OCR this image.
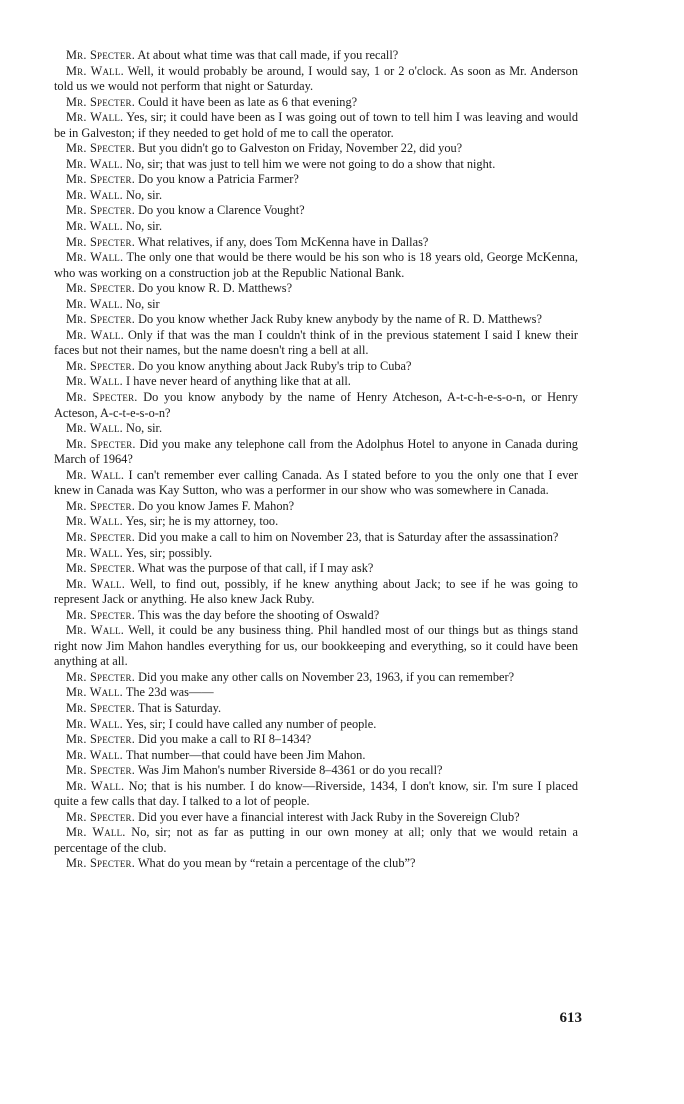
Mr. Specter. At about what time was that call made, if you recall?

Mr. Wall. Well, it would probably be around, I would say, 1 or 2 o'clock. As soon as Mr. Anderson told us we would not perform that night or Saturday.

Mr. Specter. Could it have been as late as 6 that evening?

Mr. Wall. Yes, sir; it could have been as I was going out of town to tell him I was leaving and would be in Galveston; if they needed to get hold of me to call the operator.

Mr. Specter. But you didn't go to Galveston on Friday, November 22, did you?

Mr. Wall. No, sir; that was just to tell him we were not going to do a show that night.

Mr. Specter. Do you know a Patricia Farmer?

Mr. Wall. No, sir.

Mr. Specter. Do you know a Clarence Vought?

Mr. Wall. No, sir.

Mr. Specter. What relatives, if any, does Tom McKenna have in Dallas?

Mr. Wall. The only one that would be there would be his son who is 18 years old, George McKenna, who was working on a construction job at the Republic National Bank.

Mr. Specter. Do you know R. D. Matthews?

Mr. Wall. No, sir

Mr. Specter. Do you know whether Jack Ruby knew anybody by the name of R. D. Matthews?

Mr. Wall. Only if that was the man I couldn't think of in the previous statement I said I knew their faces but not their names, but the name doesn't ring a bell at all.

Mr. Specter. Do you know anything about Jack Ruby's trip to Cuba?

Mr. Wall. I have never heard of anything like that at all.

Mr. Specter. Do you know anybody by the name of Henry Atcheson, A-t-c-h-e-s-o-n, or Henry Acteson, A-c-t-e-s-o-n?

Mr. Wall. No, sir.

Mr. Specter. Did you make any telephone call from the Adolphus Hotel to anyone in Canada during March of 1964?

Mr. Wall. I can't remember ever calling Canada. As I stated before to you the only one that I ever knew in Canada was Kay Sutton, who was a performer in our show who was somewhere in Canada.

Mr. Specter. Do you know James F. Mahon?

Mr. Wall. Yes, sir; he is my attorney, too.

Mr. Specter. Did you make a call to him on November 23, that is Saturday after the assassination?

Mr. Wall. Yes, sir; possibly.

Mr. Specter. What was the purpose of that call, if I may ask?

Mr. Wall. Well, to find out, possibly, if he knew anything about Jack; to see if he was going to represent Jack or anything. He also knew Jack Ruby.

Mr. Specter. This was the day before the shooting of Oswald?

Mr. Wall. Well, it could be any business thing. Phil handled most of our things but as things stand right now Jim Mahon handles everything for us, our bookkeeping and everything, so it could have been anything at all.

Mr. Specter. Did you make any other calls on November 23, 1963, if you can remember?

Mr. Wall. The 23d was——

Mr. Specter. That is Saturday.

Mr. Wall. Yes, sir; I could have called any number of people.

Mr. Specter. Did you make a call to RI 8–1434?

Mr. Wall. That number—that could have been Jim Mahon.

Mr. Specter. Was Jim Mahon's number Riverside 8–4361 or do you recall?

Mr. Wall. No; that is his number. I do know—Riverside, 1434, I don't know, sir. I'm sure I placed quite a few calls that day. I talked to a lot of people.

Mr. Specter. Did you ever have a financial interest with Jack Ruby in the Sovereign Club?

Mr. Wall. No, sir; not as far as putting in our own money at all; only that we would retain a percentage of the club.

Mr. Specter. What do you mean by “retain a percentage of the club”?

613
